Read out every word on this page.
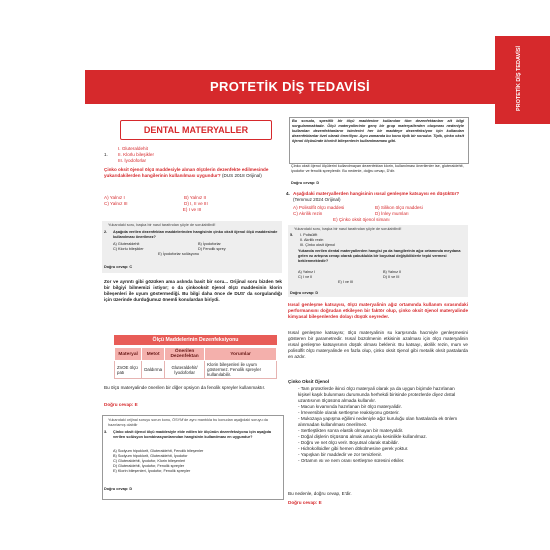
PROTETİK DİŞ TEDAVİSİ
PROTETİK DİŞ TEDAVİSİ
DENTAL MATERYALLER
1.
I. Gluteraldehit
II. Klorlu bileşikler
III. İyodoforlar
Çinko oksit öjenol ölçü maddesiyle alınan ölçülerin dezenfekte edilmesinde yukarıdakilerden hangilerinin kullanılması uygundur? (DUS 2018 Orijinal)
A) Yalnız I	B) Yalnız II
C) Yalnız III	D) I, II ve III
E) I ve III
Yukarıdaki soru, başka bir nasıl tarafından şöyle de sorulabilirdi!
2.	Aşağıda verilen dezenfektan maddelerinden hangisinin çinko oksit öjenol ölçü maddesinde kullanılması önerilmez?
A) Gluteraldehit	B) İyodoforlar
C) Klorlu bileşikler	D) Fenolik sprey
E) İyodoforlar solüsyonu
Doğru cevap: C
Zor ve ayrıntı gibi gözüken ama aslında basit bir soru... Orijinal soru bizden tek bir bilgiyi bilmemizi istiyor; o da çinkooksit öjenol ölçü maddesinin klorin bileşenleri ile uyum göstermediği. Bu bilgi daha önce de DUS' da sorgulandığı için üzerinde durduğumuz önemli konulardan biriydi.
Ölçü Maddelerinin Dezenfeksiyonu
Materyal	Metot	Önerilen Dezenfektan	Yorumlar
ZnOE ölçü patı	Daldırma	Gluteraldehit/ İyodoforlar	Klorin bileşenleri ile uyum göstermez. Fenolik spreyler kullanılabilir.
Bu ölçü materyalinde önerilen bir diğer opsiyon da fenolik spreyler kullanmaktır.
Doğru cevap: E
Yukarıdaki orijinal soruyu sorun konu, ÖSYM'de aynı mantıkla bu konudan aşağıdaki soruyu da hazırlamış olabilir
3.	Çinko oksit öjenol ölçü maddesiyle elde edilen bir ölçünün dezenfeksiyonu için aşağıda verilen solüsyon kombinasyonlarından hangisinin kullanılması en uygundur?
A) Sodyum hipoklorit, Gluteraldehit, Fenolik bileşenler
B) Sodyum hipoklorit, Gluteraldehit, İyodofor
C) Gluteraldehit, İyodofor, Klorin bileşenleri
D) Gluteraldehit, İyodofor, Fenolik spreyler
E) Klorin bileşenleri, İyodofor, Fenolik spreyler
Doğru cevap: D
Bu soruda, spesifik bir ölçü maddesine kullanılan tüm dezenfektanları ait bilgi sorgulanmaktadır. Ölçü materyallerinin genç bir grup materyallerden oluşması nedeniyle kullanılan dezenfektanların isimlerini her bir maddeye dezenfeksiyon için kullanılan dezenfektanlar özel olarak öneriliyor. Aynı zamanda bu konu tipik bir sorudur. Tipik, çinko oksit öjenol ölçüsünde klorinli bileşenlerin kullanılmaması gibi.
Çinko oksit öjenol ölçülerini kullanılmayan dezenfektan klorin, kullanılması önerilenler ise, gluteraldehit, iyodofor ve fenolik spreylerdir. Bu nedenle, doğru cevap, D'dir.
Doğru cevap: D
4. Aşağıdaki materyallerden hangisinin ısısal genleşme katsayısı en düşüktür? (Temmuz 2024 Orijinal)
A) Polisülfit ölçü maddesi	B) Silikon ölçü maddesi
C) Akrilik rezin	D) İnley mumları
E) Çinko oksit öjenol simanı
Yukarıdaki soru, başka bir nasıl tarafından şöyle de sorulabilirdi!
5.	I. Polisülfit
II. Akrilik rezin
III. Çinko oksit öjenol
Yukarıda verilen dental materyallerden hangisi ya da hangilerinin ağız ortamında meydana gelen ısı artışına cevap olarak çabuklukla bir boyutsal değişikliklerle tepki vermesi beklenmektedir?
A) Yalnız I	B) Yalnız II
C) I ve II	D) II ve III
E) I ve III
Doğru cevap: D
Isısal genleşme katsayısı, ölçü materyalinin ağız ortamında kullanım sırasındaki performansını doğrudan etkileyen bir faktör olup, çinko oksit öjenol materyalinde kimyasal bileşenlerden dolayı düşük seyreder.
Isısal genleşme katsayısı; ölçü materyalinin su karşısında hacmiyle genleşmesini gösteren bir parametredir. Isısal büzülmenin etkisinin azalması için ölçü materyalinin ısısal genleşme katsayısının düşük olması beklenir. Bu katsayı, akrilik rezin, mum ve polisülfit ölçü materyalinde en fazla olup, çinko oksit öjenol gibi metalik oksit pastalarda en azdır.
Çinko Oksit Öjenol
- Tam protezlerde ikinci ölçü materyali olarak ya da uygun biçimde hazırlanan kişisel kaşık bulunması durumunda herhekdi birisinde protezlerde diyez dıstal uzantısının ölçüsünü almada kullanılır.
- Macun kıvamında hazırlanan bir ölçü materyalidir.
- İrreversible olarak sertleşme reaksiyonu gösterir.
- Mukozaya yapışma eğilimi nedeniyle ağız kuruluğu olan hastalarda ek önlem alınmadan kullanılması önerilmez.
- Sertleştikten sonra elastik olmayan bir materyaldir.
- Doğal dişlerin ölçüsünü almak amacıyla kesinlikle kullanılmaz.
- Doğru ve net ölçü verir. Boyutsal olarak stabildir.
- Hidrokolloidler gibi hemen dökülmesine gerek yoktur.
- Yapışkan bir maddedir ve zor temizlenir.
- Ortamın ısı ve nem oranı sertleşme süresini etkiler.
Bu nedenle, doğru cevap, E'dir.
Doğru cevap: E
